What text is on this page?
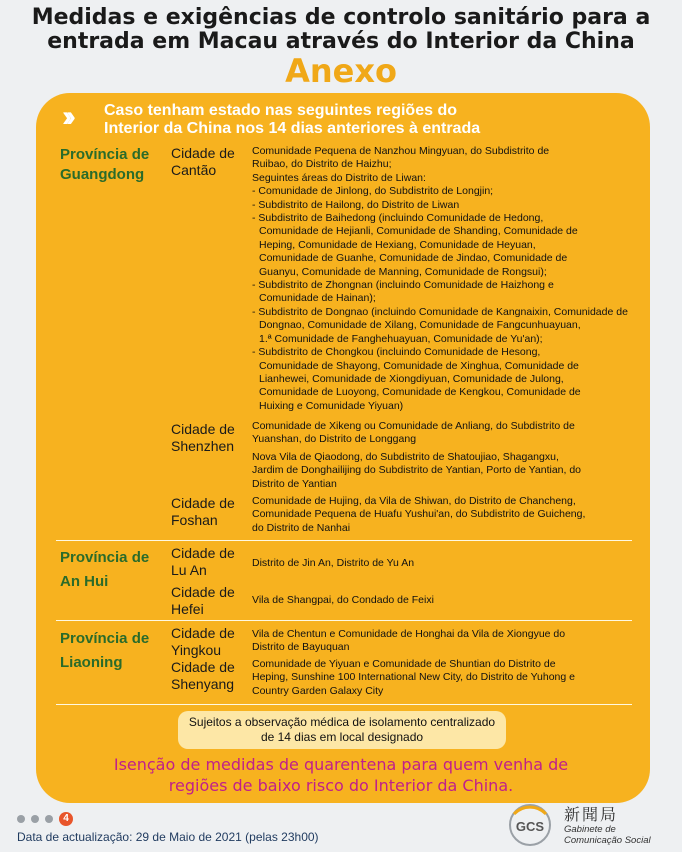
Medidas e exigências de controlo sanitário para a
entrada em Macau através do Interior da China
Anexo
›› Caso tenham estado nas seguintes regiões do
Interior da China nos 14 dias anteriores à entrada
Província de
Guangdong
Cidade de
Cantão
Comunidade Pequena de Nanzhou Mingyuan, do Subdistrito de
Ruibao, do Distrito de Haizhu;
Seguintes áreas do Distrito de Liwan:
- Comunidade de Jinlong, do Subdistrito de Longjin;
- Subdistrito de Hailong, do Distrito de Liwan
- Subdistrito de Baihedong (incluindo Comunidade de Hedong,
Comunidade de Hejianli, Comunidade de Shanding, Comunidade de
Heping, Comunidade de Hexiang, Comunidade de Heyuan,
Comunidade de Guanhe, Comunidade de Jindao, Comunidade de
Guanyu, Comunidade de Manning, Comunidade de Rongsui);
- Subdistrito de Zhongnan (incluindo Comunidade de Haizhong e
Comunidade de Hainan);
- Subdistrito de Dongnao (incluindo Comunidade de Kangnaixin, Comunidade de
Dongnao, Comunidade de Xilang, Comunidade de Fangcunhuayuan,
1.ª Comunidade de Fanghehuayuan, Comunidade de Yu'an);
- Subdistrito de Chongkou (incluindo Comunidade de Hesong,
Comunidade de Shayong, Comunidade de Xinghua, Comunidade de
Lianhewei, Comunidade de Xiongdiyuan, Comunidade de Julong,
Comunidade de Luoyong, Comunidade de Kengkou, Comunidade de
Huixing e Comunidade Yiyuan)
Cidade de
Shenzhen
Comunidade de Xikeng ou Comunidade de Anliang, do Subdistrito de
Yuanshan, do Distrito de Longgang
Nova Vila de Qiaodong, do Subdistrito de Shatoujiao, Shagangxu,
Jardim de Donghailijing do Subdistrito de Yantian, Porto de Yantian, do
Distrito de Yantian
Cidade de
Foshan
Comunidade de Hujing, da Vila de Shiwan, do Distrito de Chancheng,
Comunidade Pequena de Huafu Yushui'an, do Subdistrito de Guicheng,
do Distrito de Nanhai
Província de
An Hui
Cidade de
Lu An	Distrito de Jin An, Distrito de Yu An
Cidade de
Hefei
Vila de Shangpai, do Condado de Feixi
Província de
Liaoning
Cidade de
Yingkou
Vila de Chentun e Comunidade de Honghai da Vila de Xiongyue do
Distrito de Bayuquan
Cidade de
Shenyang
Comunidade de Yiyuan e Comunidade de Shuntian do Distrito de
Heping, Sunshine 100 International New City, do Distrito de Yuhong e
Country Garden Galaxy City
Sujeitos a observação médica de isolamento centralizado
de 14 dias em local designado
Isenção de medidas de quarentena para quem venha de
regiões de baixo risco do Interior da China.
4
Data de actualização: 29 de Maio de 2021 (pelas 23h00)
GCS
新聞局
Gabinete de
Comunicação Social
